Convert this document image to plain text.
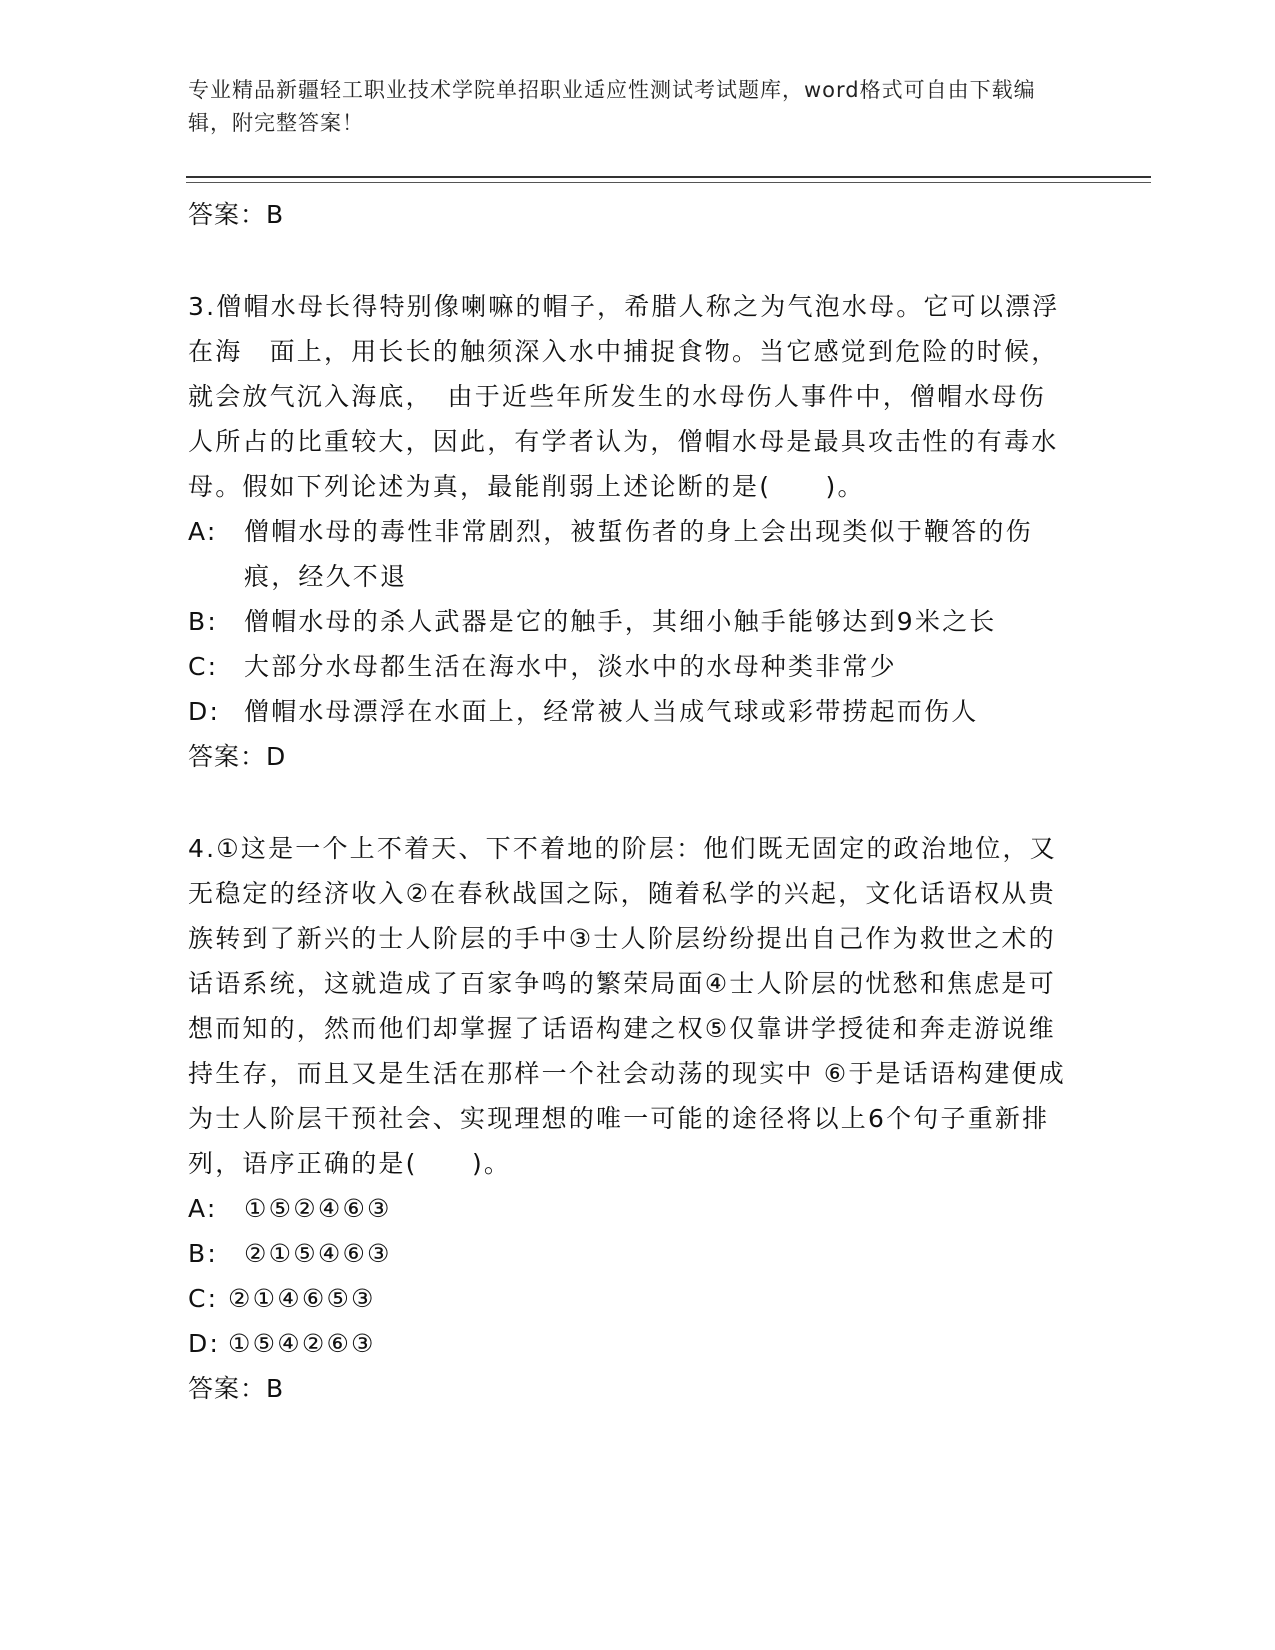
专业精品新疆轻工职业技术学院单招职业适应性测试考试题库，word格式可自由下载编辑，附完整答案！

答案：B

3.僧帽水母长得特别像喇嘛的帽子，希腊人称之为气泡水母。它可以漂浮在海　面上，用长长的触须深入水中捕捉食物。当它感觉到危险的时候，就会放气沉入海底，　由于近些年所发生的水母伤人事件中，僧帽水母伤人所占的比重较大，因此，有学者认为，僧帽水母是最具攻击性的有毒水母。假如下列论述为真，最能削弱上述论断的是(　　)。

A:	僧帽水母的毒性非常剧烈，被蜇伤者的身上会出现类似于鞭答的伤痕，经久不退
B:	僧帽水母的杀人武器是它的触手，其细小触手能够达到9米之长
C:	大部分水母都生活在海水中，淡水中的水母种类非常少
D: 僧帽水母漂浮在水面上，经常被人当成气球或彩带捞起而伤人

答案：D

4.①这是一个上不着天、下不着地的阶层：他们既无固定的政治地位，又无稳定的经济收入②在春秋战国之际，随着私学的兴起，文化话语权从贵族转到了新兴的士人阶层的手中③士人阶层纷纷提出自己作为救世之术的话语系统，这就造成了百家争鸣的繁荣局面④士人阶层的忧愁和焦虑是可想而知的，然而他们却掌握了话语构建之权⑤仅靠讲学授徒和奔走游说维持生存，而且又是生活在那样一个社会动荡的现实中 ⑥于是话语构建便成为士人阶层干预社会、实现理想的唯一可能的途径将以上6个句子重新排列，语序正确的是(　　)。

A:	①⑤②④⑥③
B:	②①⑤④⑥③
C: ②①④⑥⑤③
D: ①⑤④②⑥③

答案：B
